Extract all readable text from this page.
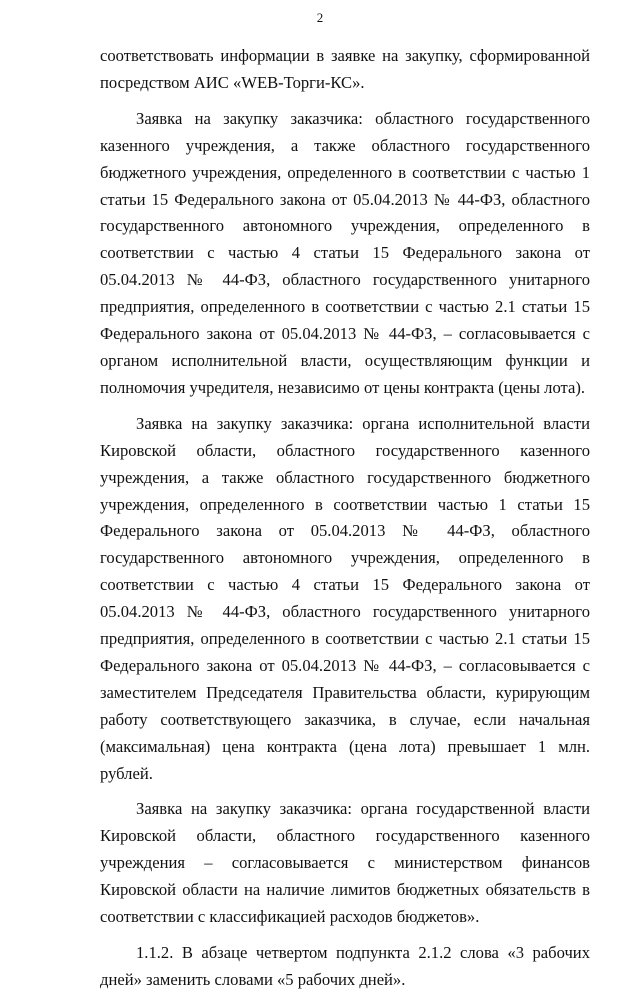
2

соответствовать информации в заявке на закупку, сформированной посредством АИС «WEB-Торги-КС».

Заявка на закупку заказчика: областного государственного казенного учреждения, а также областного государственного бюджетного учреждения, определенного в соответствии с частью 1 статьи 15 Федерального закона от 05.04.2013 № 44-ФЗ, областного государственного автономного учреждения, определенного в соответствии с частью 4 статьи 15 Федерального закона от 05.04.2013 № 44-ФЗ, областного государственного унитарного предприятия, определенного в соответствии с частью 2.1 статьи 15 Федерального закона от 05.04.2013 № 44-ФЗ, – согласовывается с органом исполнительной власти, осуществляющим функции и полномочия учредителя, независимо от цены контракта (цены лота).

Заявка на закупку заказчика: органа исполнительной власти Кировской области, областного государственного казенного учреждения, а также областного государственного бюджетного учреждения, определенного в соответствии частью 1 статьи 15 Федерального закона от 05.04.2013 № 44-ФЗ, областного государственного автономного учреждения, определенного в соответствии с частью 4 статьи 15 Федерального закона от 05.04.2013 № 44-ФЗ, областного государственного унитарного предприятия, определенного в соответствии с частью 2.1 статьи 15 Федерального закона от 05.04.2013 № 44-ФЗ, – согласовывается с заместителем Председателя Правительства области, курирующим работу соответствующего заказчика, в случае, если начальная (максимальная) цена контракта (цена лота) превышает 1 млн. рублей.

Заявка на закупку заказчика: органа государственной власти Кировской области, областного государственного казенного учреждения – согласовывается с министерством финансов Кировской области на наличие лимитов бюджетных обязательств в соответствии с классификацией расходов бюджетов».

1.1.2. В абзаце четвертом подпункта 2.1.2 слова «3 рабочих дней» заменить словами «5 рабочих дней».
